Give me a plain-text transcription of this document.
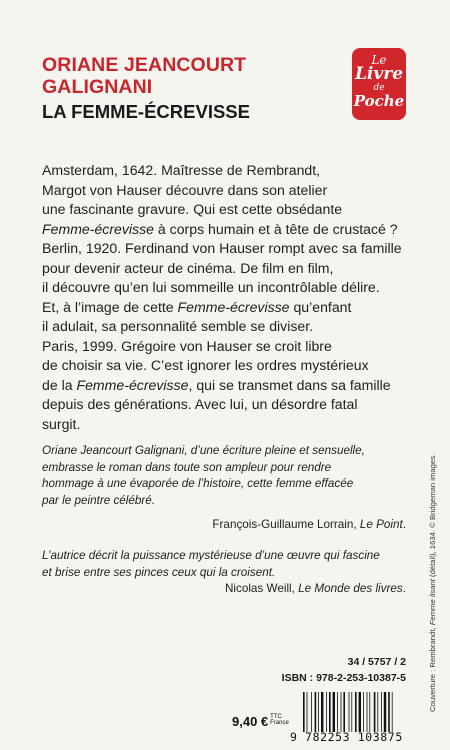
ORIANE JEANCOURT
GALIGNANI
LA FEMME-ÉCREVISSE
Le
Livre
de
Poche
Amsterdam, 1642. Maîtresse de Rembrandt,
Margot von Hauser découvre dans son atelier
une fascinante gravure. Qui est cette obsédante
Femme-écrevisse à corps humain et à tête de crustacé ?
Berlin, 1920. Ferdinand von Hauser rompt avec sa famille
pour devenir acteur de cinéma. De film en film,
il découvre qu’en lui sommeille un incontrôlable délire.
Et, à l’image de cette Femme-écrevisse qu’enfant
il adulait, sa personnalité semble se diviser.
Paris, 1999. Grégoire von Hauser se croit libre
de choisir sa vie. C’est ignorer les ordres mystérieux
de la Femme-écrevisse, qui se transmet dans sa famille
depuis des générations. Avec lui, un désordre fatal
surgit.
Oriane Jeancourt Galignani, d’une écriture pleine et sensuelle,
embrasse le roman dans toute son ampleur pour rendre
hommage à une évaporée de l’histoire, cette femme effacée
par le peintre célébré.
François-Guillaume Lorrain, Le Point.
L’autrice décrit la puissance mystérieuse d’une œuvre qui fascine
et brise entre ses pinces ceux qui la croisent.
Nicolas Weill, Le Monde des livres.
Couverture : Rembrandt, Femme lisant (détail), 1634. © Bridgeman images.
34 / 5757 / 2
ISBN : 978-2-253-10387-5
9,40 € TTC
France
9 782253 103875
